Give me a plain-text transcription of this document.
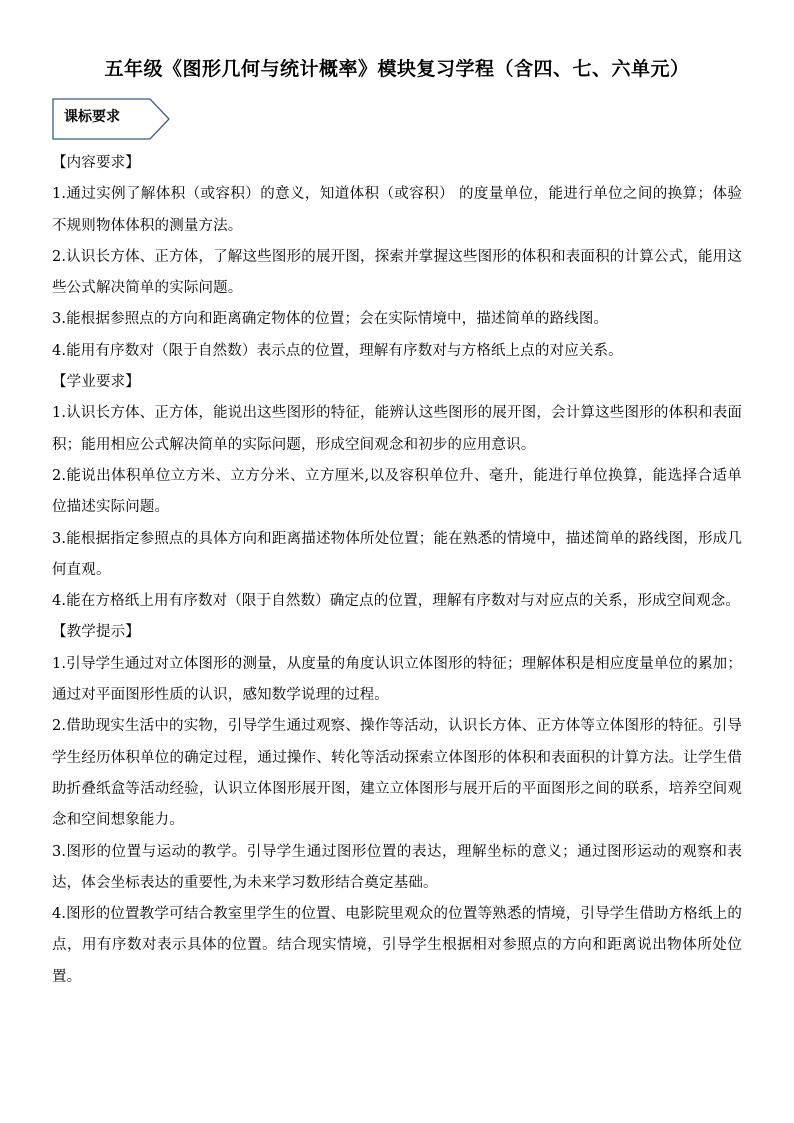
五年级《图形几何与统计概率》模块复习学程（含四、七、六单元）
课标要求

【内容要求】

1.通过实例了解体积（或容积）的意义，知道体积（或容积） 的度量单位，能进行单位之间的换算；体验不规则物体体积的测量方法。

2.认识长方体、正方体，了解这些图形的展开图，探索并掌握这些图形的体积和表面积的计算公式，能用这些公式解决简单的实际问题。

3.能根据参照点的方向和距离确定物体的位置；会在实际情境中，描述简单的路线图。

4.能用有序数对（限于自然数）表示点的位置，理解有序数对与方格纸上点的对应关系。

【学业要求】

1.认识长方体、正方体，能说出这些图形的特征，能辨认这些图形的展开图，会计算这些图形的体积和表面积；能用相应公式解决简单的实际问题，形成空间观念和初步的应用意识。

2.能说出体积单位立方米、立方分米、立方厘米,以及容积单位升、毫升，能进行单位换算，能选择合适单位描述实际问题。

3.能根据指定参照点的具体方向和距离描述物体所处位置；能在熟悉的情境中，描述简单的路线图，形成几何直观。

4.能在方格纸上用有序数对（限于自然数）确定点的位置，理解有序数对与对应点的关系，形成空间观念。

【教学提示】

1.引导学生通过对立体图形的测量，从度量的角度认识立体图形的特征；理解体积是相应度量单位的累加；通过对平面图形性质的认识，感知数学说理的过程。

2.借助现实生活中的实物，引导学生通过观察、操作等活动，认识长方体、正方体等立体图形的特征。引导学生经历体积单位的确定过程，通过操作、转化等活动探索立体图形的体积和表面积的计算方法。让学生借助折叠纸盒等活动经验，认识立体图形展开图，建立立体图形与展开后的平面图形之间的联系，培养空间观念和空间想象能力。

3.图形的位置与运动的教学。引导学生通过图形位置的表达，理解坐标的意义；通过图形运动的观察和表达，体会坐标表达的重要性,为未来学习数形结合奠定基础。

4.图形的位置教学可结合教室里学生的位置、电影院里观众的位置等熟悉的情境，引导学生借助方格纸上的点，用有序数对表示具体的位置。结合现实情境，引导学生根据相对参照点的方向和距离说出物体所处位置。
